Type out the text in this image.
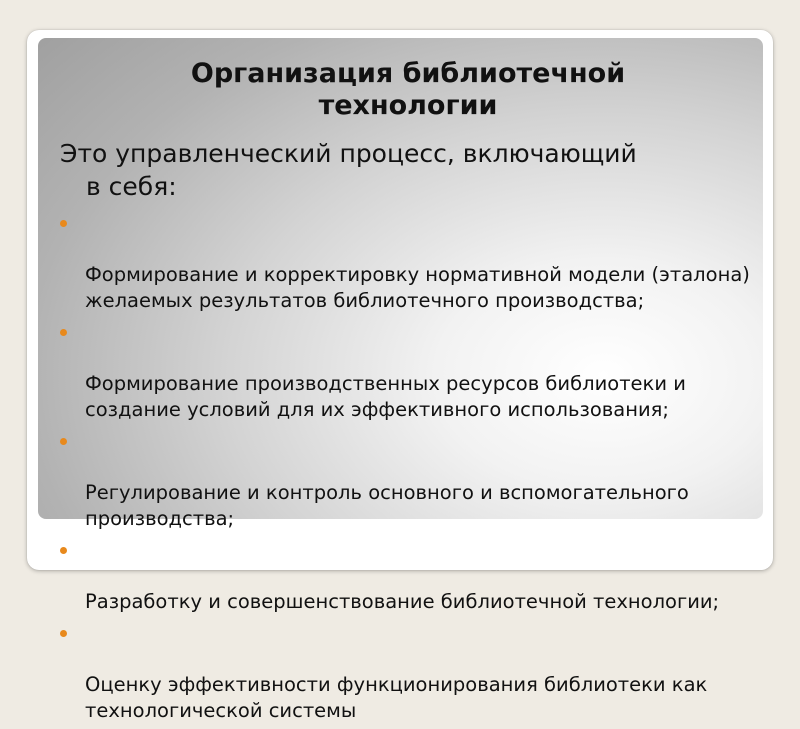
Организация библиотечной
технологии
Это управленческий процесс, включающий в себя:

Формирование и корректировку нормативной модели (эталона) желаемых результатов библиотечного производства;

Формирование производственных ресурсов библиотеки и создание условий для их эффективного использования;

Регулирование и контроль основного и вспомогательного производства;

Разработку и совершенствование библиотечной технологии;

Оценку эффективности функционирования библиотеки как технологической системы
